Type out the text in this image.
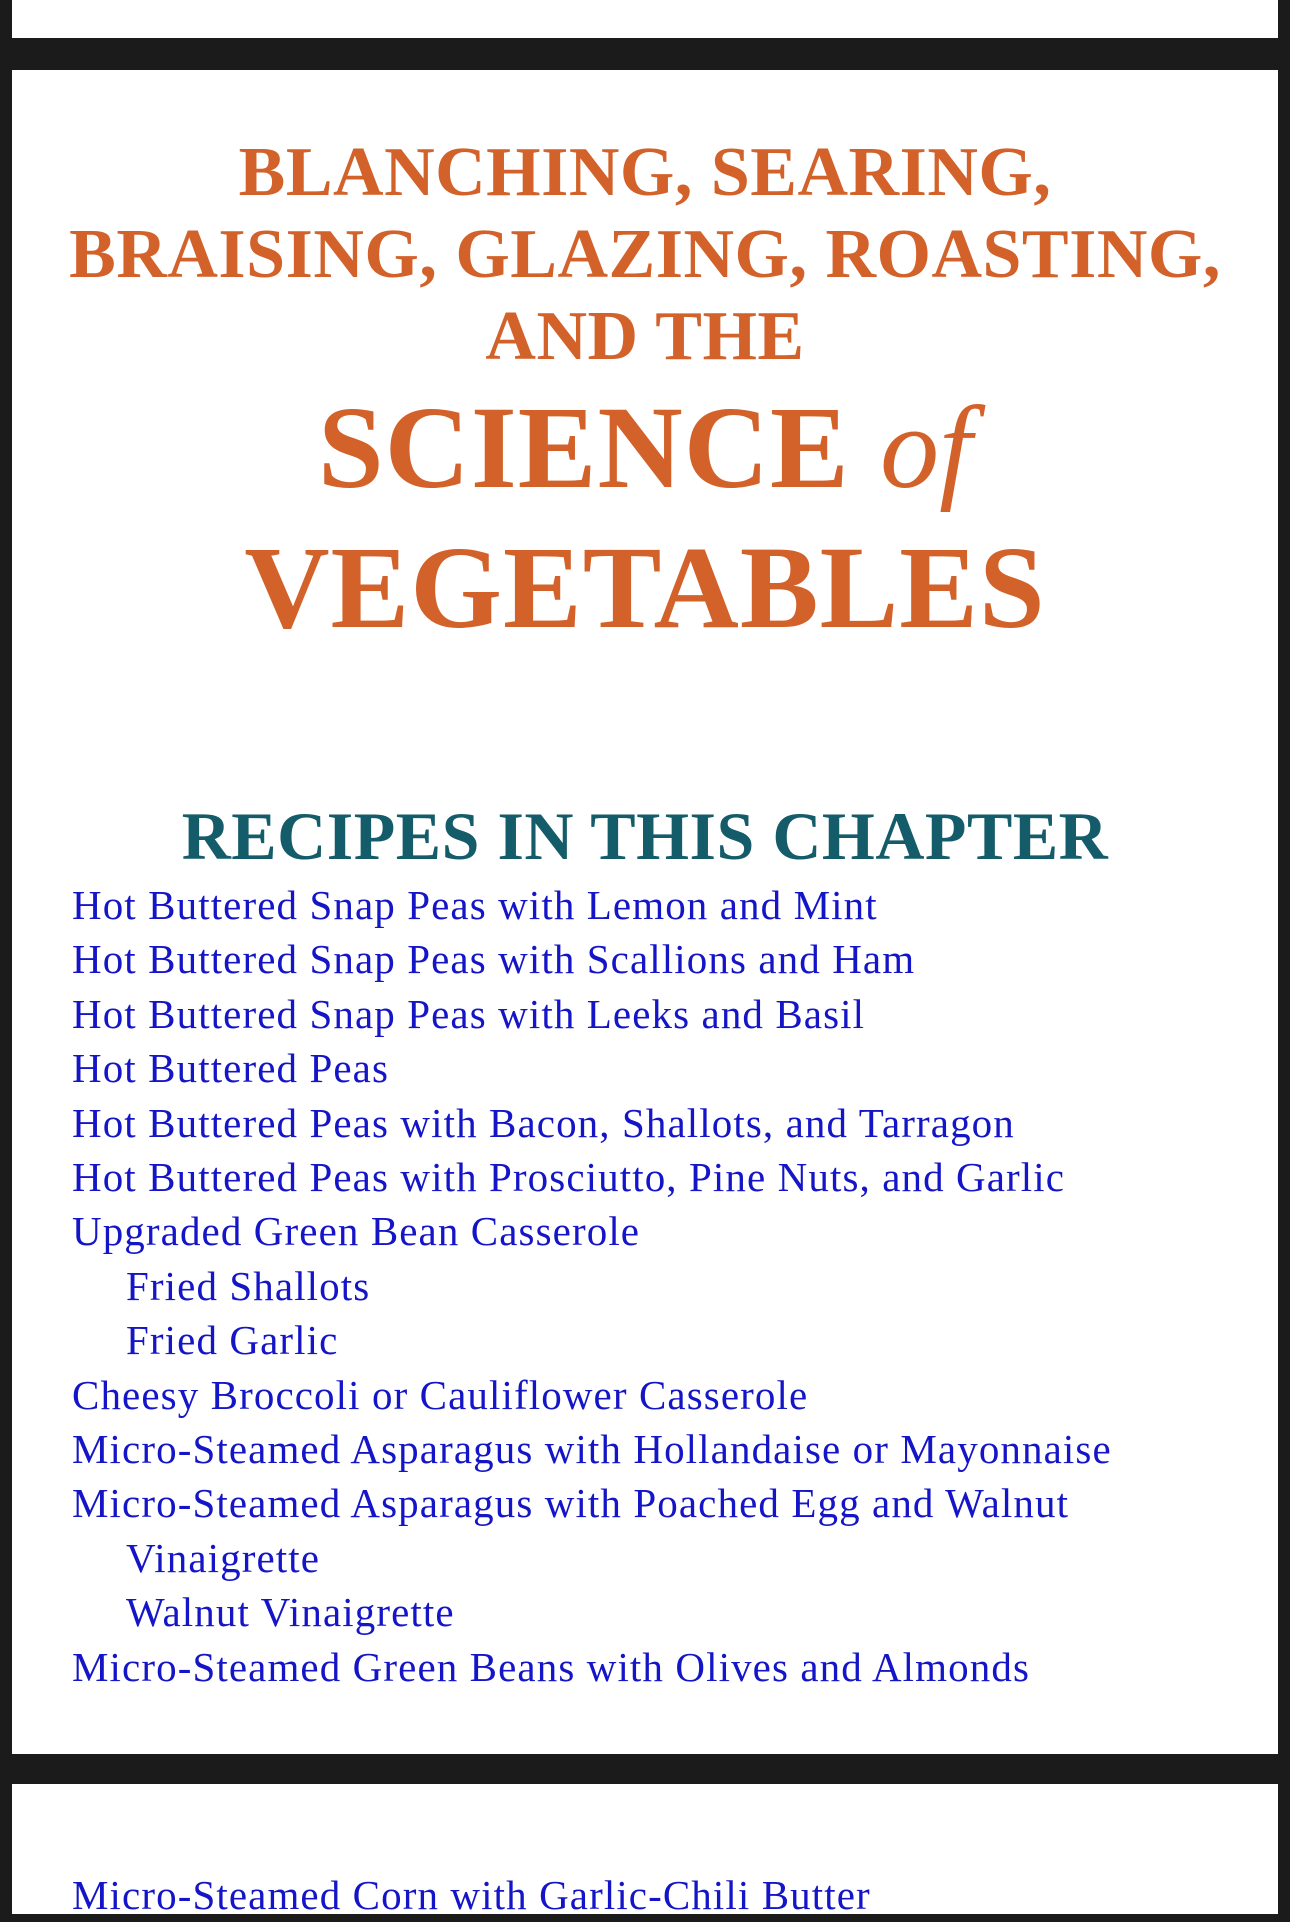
BLANCHING, SEARING,
BRAISING, GLAZING, ROASTING,
AND THE
SCIENCE of
VEGETABLES
RECIPES IN THIS CHAPTER
Hot Buttered Snap Peas with Lemon and Mint
Hot Buttered Snap Peas with Scallions and Ham
Hot Buttered Snap Peas with Leeks and Basil
Hot Buttered Peas
Hot Buttered Peas with Bacon, Shallots, and Tarragon
Hot Buttered Peas with Prosciutto, Pine Nuts, and Garlic
Upgraded Green Bean Casserole
Fried Shallots
Fried Garlic
Cheesy Broccoli or Cauliflower Casserole
Micro-Steamed Asparagus with Hollandaise or Mayonnaise
Micro-Steamed Asparagus with Poached Egg and Walnut
Vinaigrette
Walnut Vinaigrette
Micro-Steamed Green Beans with Olives and Almonds
Micro-Steamed Corn with Garlic-Chili Butter
